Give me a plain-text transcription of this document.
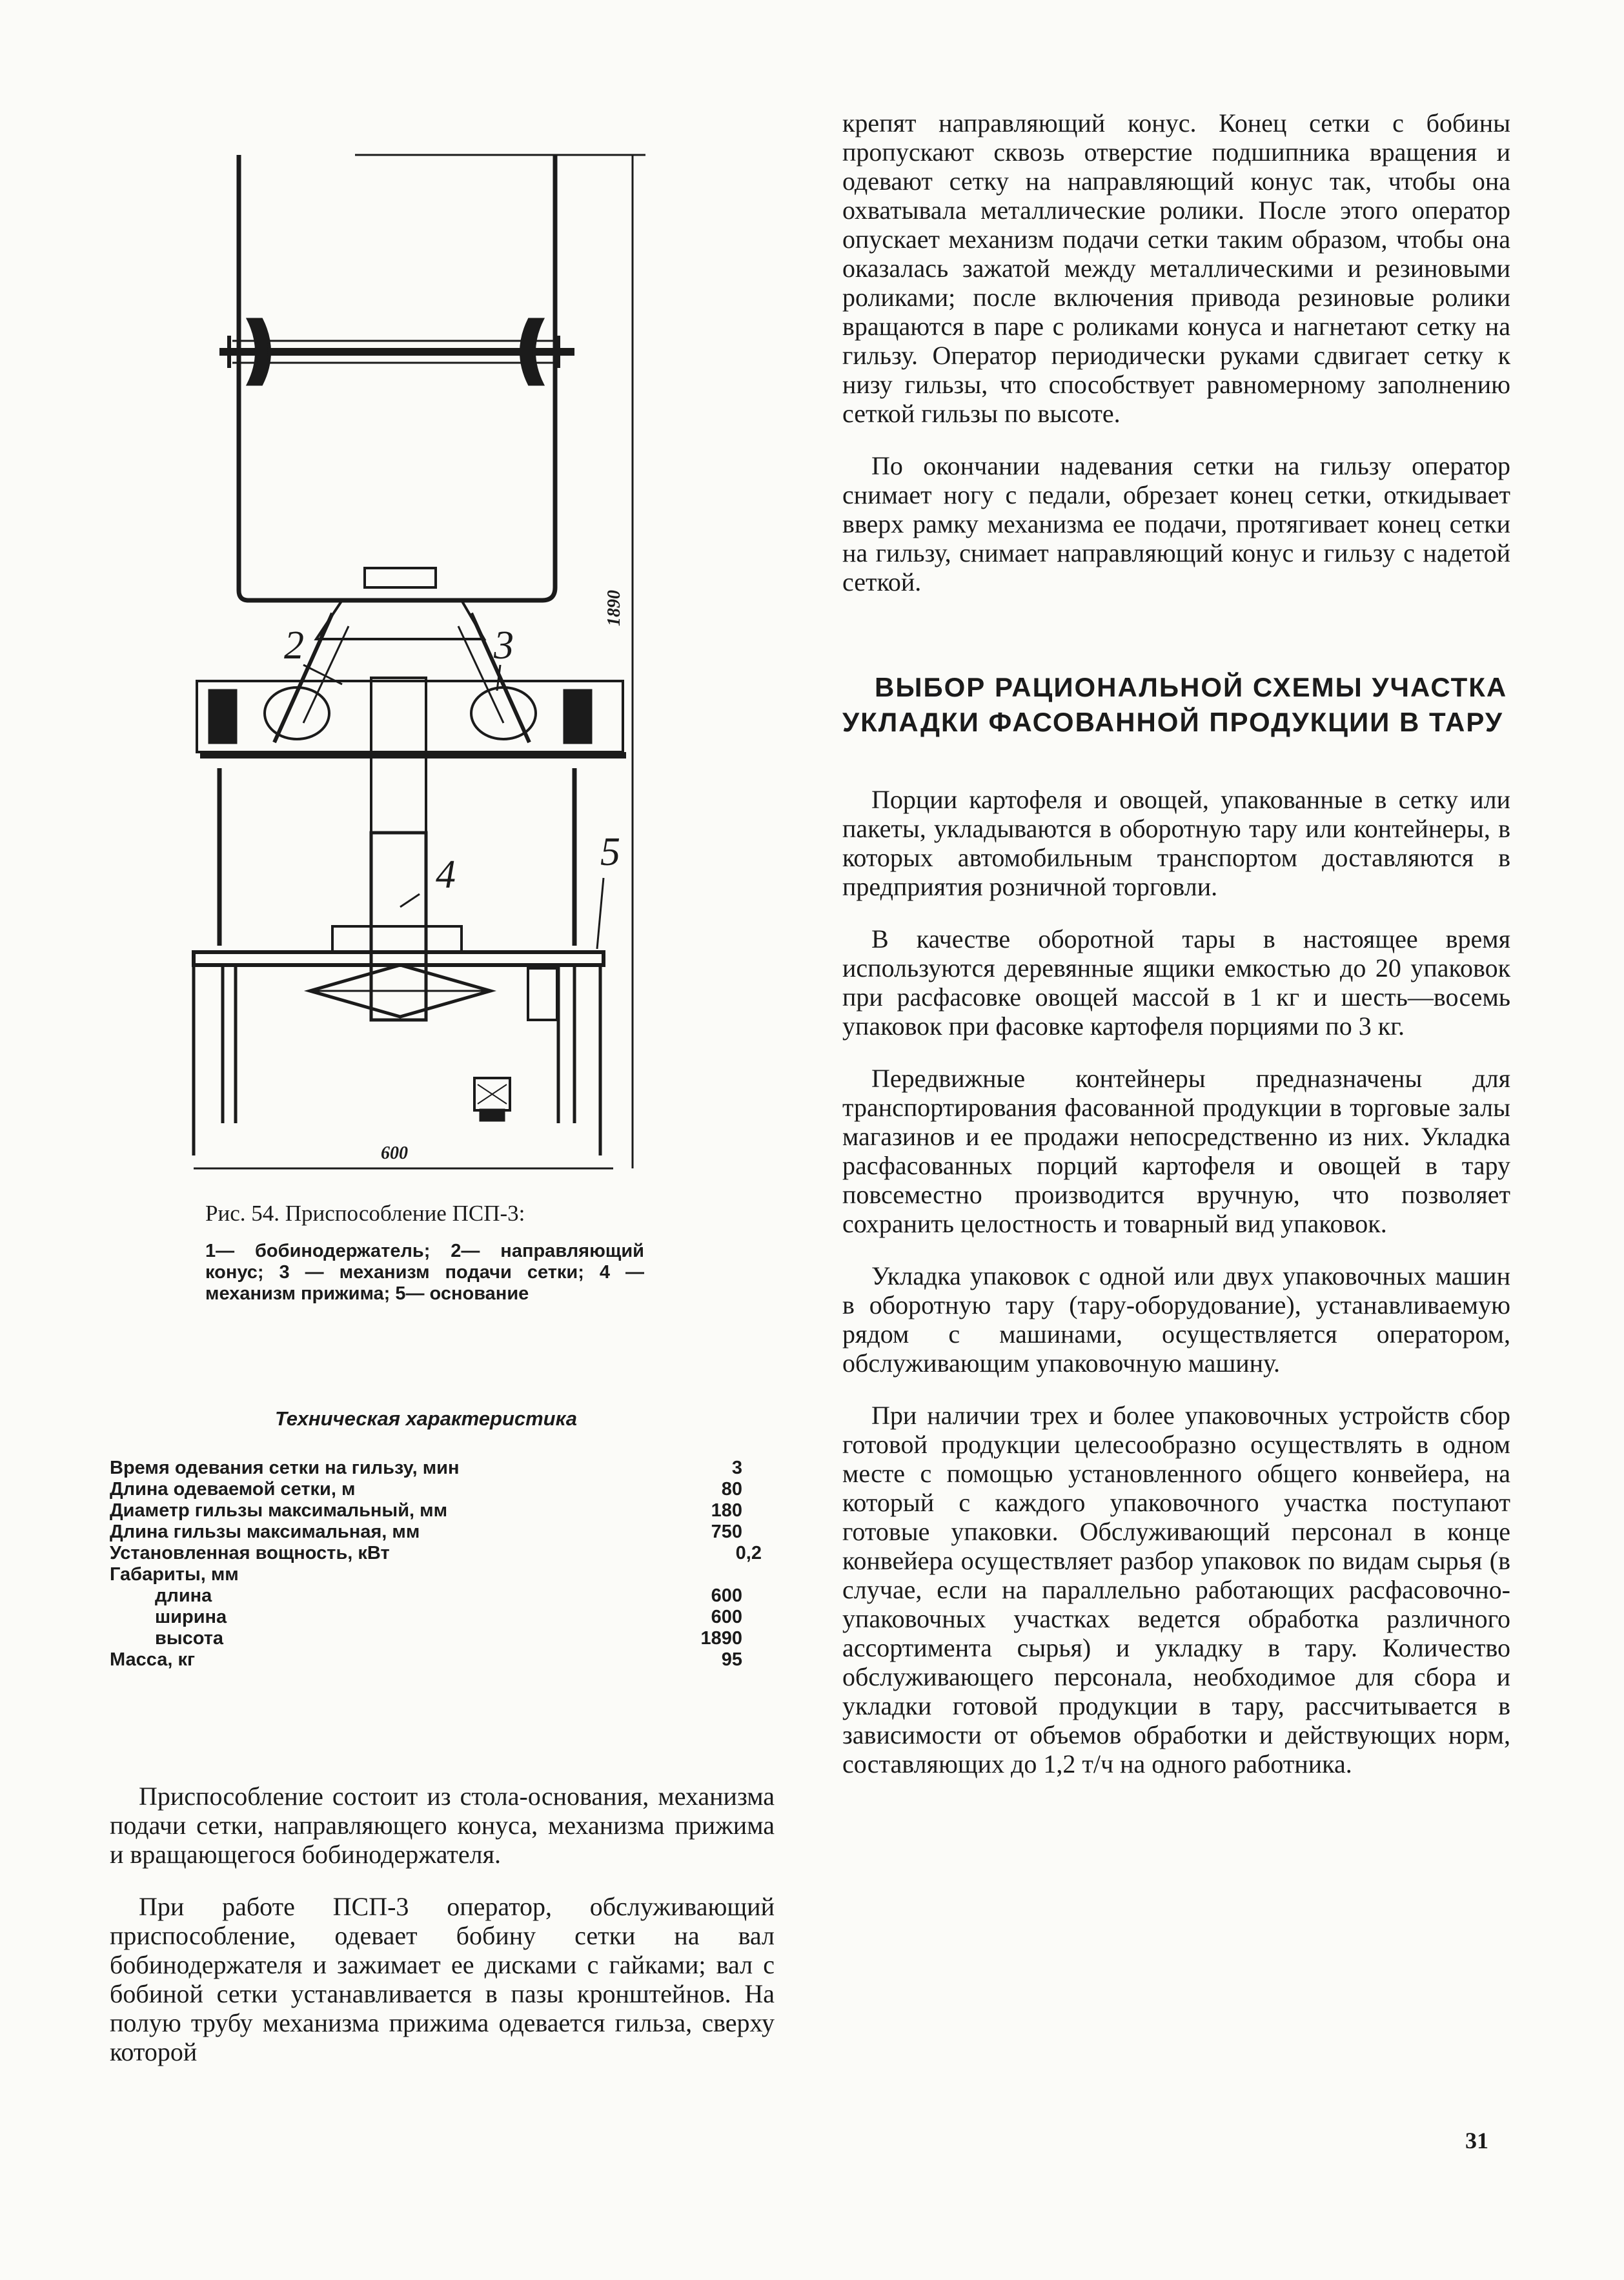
1890
2	3
4
5
600

Рис. 54. Приспособление ПСП-3:

1— бобинодержатель; 2— направляющий конус; 3 — механизм подачи сетки; 4 — механизм прижима; 5— основание

Техническая характеристика

Время одевания сетки на гильзу, мин	3
Длина одеваемой сетки, м	80
Диаметр гильзы максимальный, мм	180
Длина гильзы максимальная, мм	750
Установленная вощность, кВт	0,2
Габариты, мм
длина	600
ширина	600
высота	1890
Масса, кг	95

Приспособление состоит из стола-основания, механизма подачи сетки, направляющего конуса, механизма прижима и вращающегося бобинодержателя.

При работе ПСП-3 оператор, обслуживающий приспособление, одевает бобину сетки на вал бобинодержателя и зажимает ее дисками с гайками; вал с бобиной сетки устанавливается в пазы кронштейнов. На полую трубу механизма прижима одевается гильза, сверху которой

крепят направляющий конус. Конец сетки с бобины пропускают сквозь отверстие подшипника вращения и одевают сетку на направляющий конус так, чтобы она охватывала металлические ролики. После этого оператор опускает механизм подачи сетки таким образом, чтобы она оказалась зажатой между металлическими и резиновыми роликами; после включения привода резиновые ролики вращаются в паре с роликами конуса и нагнетают сетку на гильзу. Оператор периодически руками сдвигает сетку к низу гильзы, что способствует равномерному заполнению сеткой гильзы по высоте.

По окончании надевания сетки на гильзу оператор снимает ногу с педали, обрезает конец сетки, откидывает вверх рамку механизма ее подачи, протягивает конец сетки на гильзу, снимает направляющий конус и гильзу с надетой сеткой.

ВЫБОР РАЦИОНАЛЬНОЙ СХЕМЫ УЧАСТКА УКЛАДКИ ФАСОВАННОЙ ПРОДУКЦИИ В ТАРУ

Порции картофеля и овощей, упакованные в сетку или пакеты, укладываются в оборотную тару или контейнеры, в которых автомобильным транспортом доставляются в предприятия розничной торговли.

В качестве оборотной тары в настоящее время используются деревянные ящики емкостью до 20 упаковок при расфасовке овощей массой в 1 кг и шесть—восемь упаковок при фасовке картофеля порциями по 3 кг.

Передвижные контейнеры предназначены для транспортирования фасованной продукции в торговые залы магазинов и ее продажи непосредственно из них. Укладка расфасованных порций картофеля и овощей в тару повсеместно производится вручную, что позволяет сохранить целостность и товарный вид упаковок.

Укладка упаковок с одной или двух упаковочных машин в оборотную тару (тару-оборудование), устанавливаемую рядом с машинами, осуществляется оператором, обслуживающим упаковочную машину.

При наличии трех и более упаковочных устройств сбор готовой продукции целесообразно осуществлять в одном месте с помощью установленного общего конвейера, на который с каждого упаковочного участка поступают готовые упаковки. Обслуживающий персонал в конце конвейера осуществляет разбор упаковок по видам сырья (в случае, если на параллельно работающих расфасовочно-упаковочных участках ведется обработка различного ассортимента сырья) и укладку в тару. Количество обслуживающего персонала, необходимое для сбора и укладки готовой продукции в тару, рассчитывается в зависимости от объемов обработки и действующих норм, составляющих до 1,2 т/ч на одного работника.

31
